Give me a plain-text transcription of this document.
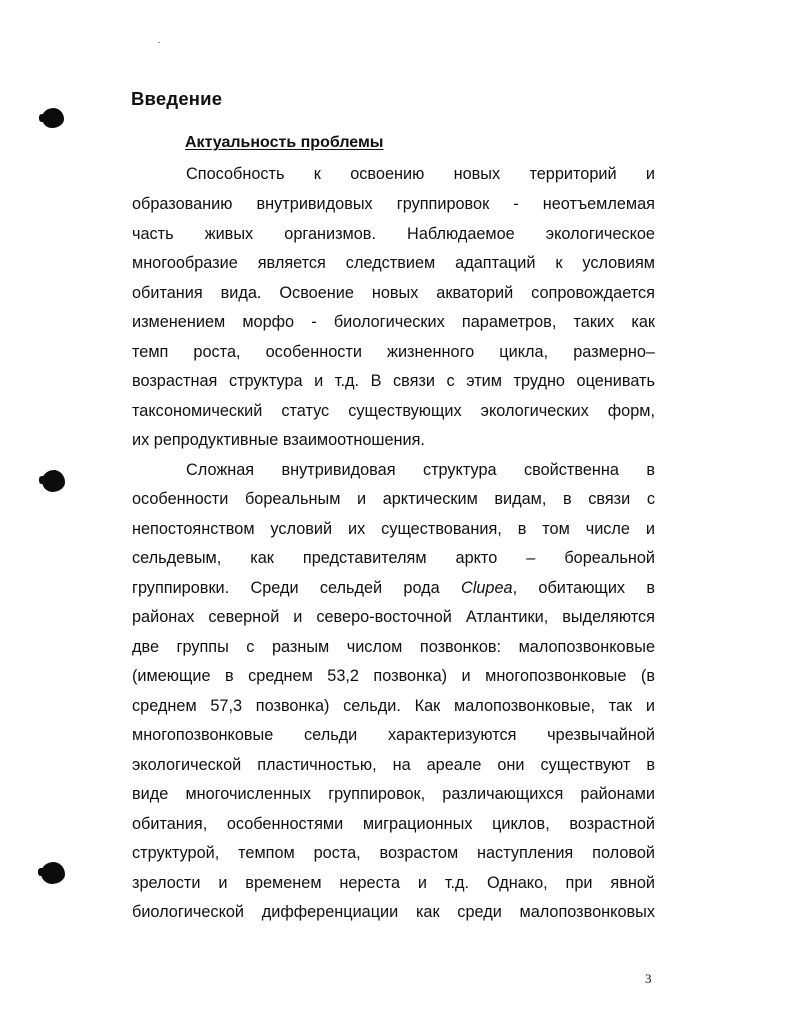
Введение
Актуальность проблемы
Способность к освоению новых территорий и
образованию внутривидовых группировок - неотъемлемая
часть живых организмов. Наблюдаемое экологическое
многообразие является следствием адаптаций к условиям
обитания вида. Освоение новых акваторий сопровождается
изменением морфо - биологических параметров, таких как
темп роста, особенности жизненного цикла, размерно–
возрастная структура и т.д. В связи с этим трудно оценивать
таксономический статус существующих экологических форм,
их репродуктивные взаимоотношения.
Сложная внутривидовая структура свойственна в
особенности бореальным и арктическим видам, в связи с
непостоянством условий их существования, в том числе и
сельдевым, как представителям аркто – бореальной
группировки. Среди сельдей рода Clupea, обитающих в
районах северной и северо-восточной Атлантики, выделяются
две группы с разным числом позвонков: малопозвонковые
(имеющие в среднем 53,2 позвонка) и многопозвонковые (в
среднем 57,3 позвонка) сельди. Как малопозвонковые, так и
многопозвонковые сельди характеризуются чрезвычайной
экологической пластичностью, на ареале они существуют в
виде многочисленных группировок, различающихся районами
обитания, особенностями миграционных циклов, возрастной
структурой, темпом роста, возрастом наступления половой
зрелости и временем нереста и т.д. Однако, при явной
биологической дифференциации как среди малопозвонковых
3
